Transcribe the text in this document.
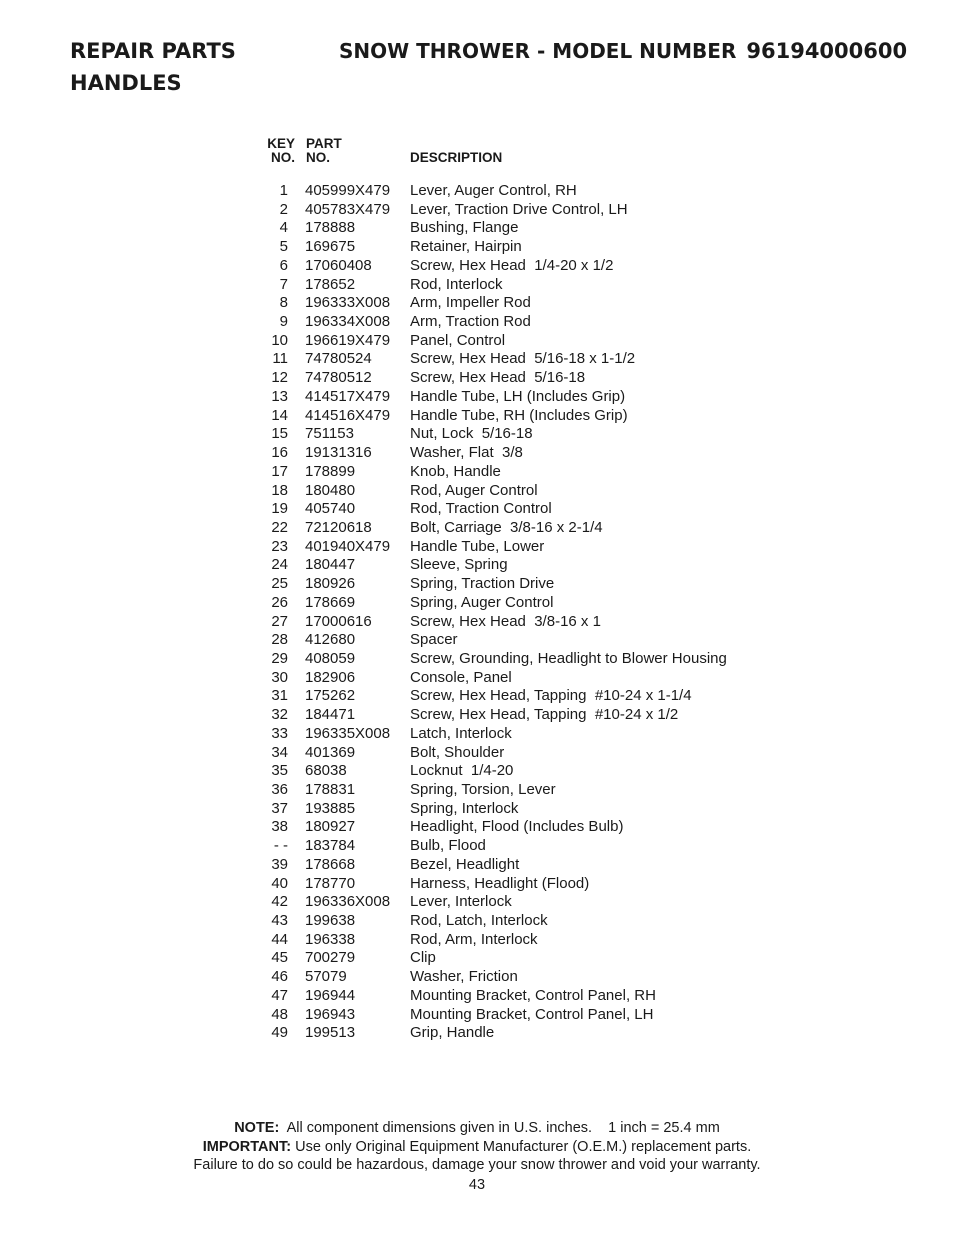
REPAIR PARTS	SNOW THROWER - MODEL NUMBER 96194000600
HANDLES
KEY
NO.
PART
NO.	DESCRIPTION
1 405999X479 Lever, Auger Control, RH
2 405783X479 Lever, Traction Drive Control, LH
4 178888	Bushing, Flange
5 169675	Retainer, Hairpin
6 17060408	Screw, Hex Head  1/4-20 x 1/2
7 178652	Rod, Interlock
8 196333X008 Arm, Impeller Rod
9 196334X008 Arm, Traction Rod
10 196619X479 Panel, Control
11 74780524	Screw, Hex Head  5/16-18 x 1-1/2
12 74780512	Screw, Hex Head  5/16-18
13 414517X479 Handle Tube, LH (Includes Grip)
14 414516X479 Handle Tube, RH (Includes Grip)
15 751153	Nut, Lock  5/16-18
16 19131316	Washer, Flat  3/8
17 178899	Knob, Handle
18 180480	Rod, Auger Control
19 405740	Rod, Traction Control
22 72120618	Bolt, Carriage  3/8-16 x 2-1/4
23 401940X479 Handle Tube, Lower
24 180447	Sleeve, Spring
25 180926	Spring, Traction Drive
26 178669	Spring, Auger Control
27 17000616	Screw, Hex Head  3/8-16 x 1
28 412680	Spacer
29 408059	Screw, Grounding, Headlight to Blower Housing
30 182906	Console, Panel
31 175262	Screw, Hex Head, Tapping  #10-24 x 1-1/4
32 184471	Screw, Hex Head, Tapping  #10-24 x 1/2
33 196335X008 Latch, Interlock
34 401369	Bolt, Shoulder
35 68038	Locknut  1/4-20
36 178831	Spring, Torsion, Lever
37 193885	Spring, Interlock
38 180927	Headlight, Flood (Includes Bulb)
- - 183784	Bulb, Flood
39 178668	Bezel, Headlight
40 178770	Harness, Headlight (Flood)
42 196336X008 Lever, Interlock
43 199638	Rod, Latch, Interlock
44 196338	Rod, Arm, Interlock
45 700279	Clip
46 57079	Washer, Friction
47 196944	Mounting Bracket, Control Panel, RH
48 196943	Mounting Bracket, Control Panel, LH
49 199513	Grip, Handle
NOTE: All component dimensions given in U.S. inches.    1 inch = 25.4 mm
IMPORTANT: Use only Original Equipment Manufacturer (O.E.M.) replacement parts.
Failure to do so could be hazardous, damage your snow thrower and void your warranty.
43
